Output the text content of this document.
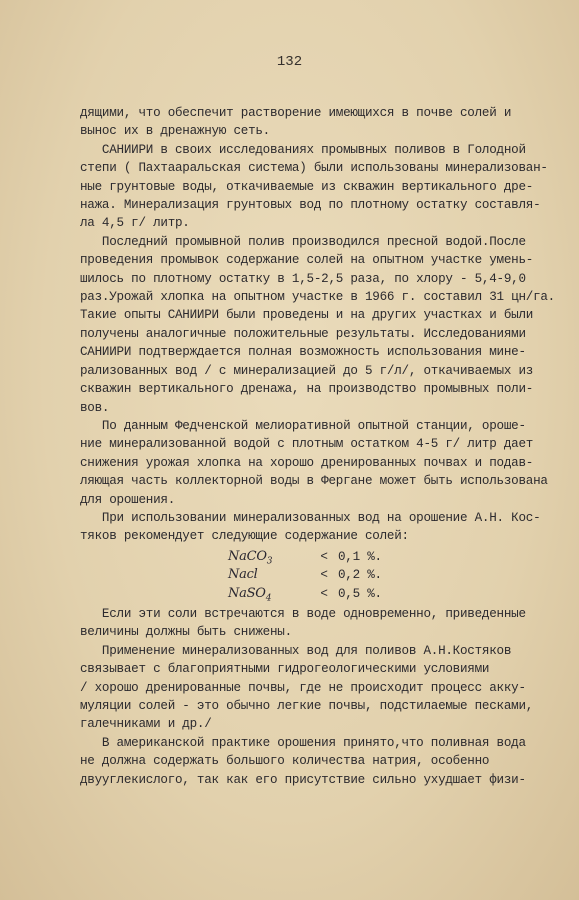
132
дящими, что обеспечит растворение имеющихся в почве солей и
вынос их в дренажную сеть.
САНИИРИ в своих исследованиях промывных поливов в Голодной
степи ( Пахтааральская система) были использованы минерализован-
ные грунтовые воды, откачиваемые из скважин вертикального дре-
нажа. Минерализация грунтовых вод по плотному остатку составля-
ла 4,5 г/ литр.
Последний промывной полив производился пресной водой.После
проведения промывок содержание солей на опытном участке умень-
шилось по плотному остатку в 1,5-2,5 раза, по хлору - 5,4-9,0
раз.Урожай хлопка на опытном участке в 1966 г. составил 31 цн/га.
Такие опыты САНИИРИ были проведены и на других участках и были
получены аналогичные положительные результаты. Исследованиями
САНИИРИ подтверждается полная возможность использования мине-
рализованных вод / с минерализацией до 5 г/л/, откачиваемых из
скважин вертикального дренажа, на производство промывных поли-
вов.
По данным Федченской мелиоративной опытной станции, ороше-
ние минерализованной водой с плотным остатком 4-5 г/ литр дает
снижения урожая хлопка на хорошо дренированных почвах и подав-
ляющая часть коллекторной воды в Фергане может быть использована
для орошения.
При использовании минерализованных вод на орошение А.Н. Кос-
тяков рекомендует следующие содержание солей:
NaCO$_3$	< 0,1 %.
Nacl	< 0,2 %.
NaSO$_4$	< 0,5 %.
Если эти соли встречаются в воде одновременно, приведенные
величины должны быть снижены.
Применение минерализованных вод для поливов А.Н.Костяков
связывает с благоприятными гидрогеологическими условиями
/ хорошо дренированные почвы, где не происходит процесс акку-
муляции солей - это обычно легкие почвы, подстилаемые песками,
галечниками и др./
В американской практике орошения принято,что поливная вода
не должна содержать большого количества натрия, особенно
двууглекислого, так как его присутствие сильно ухудшает физи-
